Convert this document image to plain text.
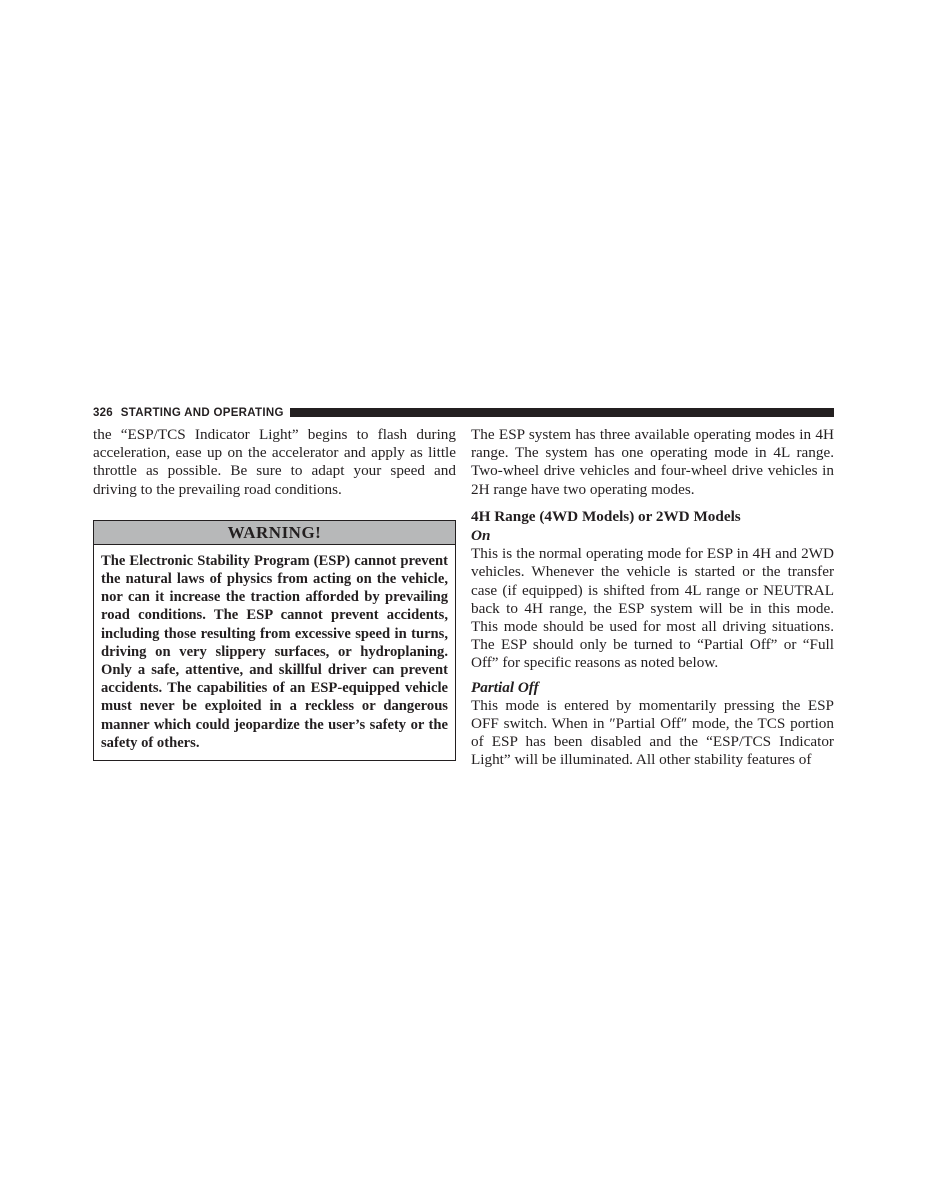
326 STARTING AND OPERATING

the “ESP/TCS Indicator Light” begins to flash during acceleration, ease up on the accelerator and apply as little throttle as possible. Be sure to adapt your speed and driving to the prevailing road conditions.

WARNING!

The Electronic Stability Program (ESP) cannot prevent the natural laws of physics from acting on the vehicle, nor can it increase the traction afforded by prevailing road conditions. The ESP cannot prevent accidents, including those resulting from excessive speed in turns, driving on very slippery surfaces, or hydroplaning. Only a safe, attentive, and skillful driver can prevent accidents. The capabilities of an ESP-equipped vehicle must never be exploited in a reckless or dangerous manner which could jeopardize the user’s safety or the safety of others.

The ESP system has three available operating modes in 4H range. The system has one operating mode in 4L range. Two-wheel drive vehicles and four-wheel drive vehicles in 2H range have two operating modes.

4H Range (4WD Models) or 2WD Models

On

This is the normal operating mode for ESP in 4H and 2WD vehicles. Whenever the vehicle is started or the transfer case (if equipped) is shifted from 4L range or NEUTRAL back to 4H range, the ESP system will be in this mode. This mode should be used for most all driving situations. The ESP should only be turned to “Partial Off” or “Full Off” for specific reasons as noted below.

Partial Off

This mode is entered by momentarily pressing the ESP OFF switch. When in ″Partial Off″ mode, the TCS portion of ESP has been disabled and the “ESP/TCS Indicator Light” will be illuminated. All other stability features of
